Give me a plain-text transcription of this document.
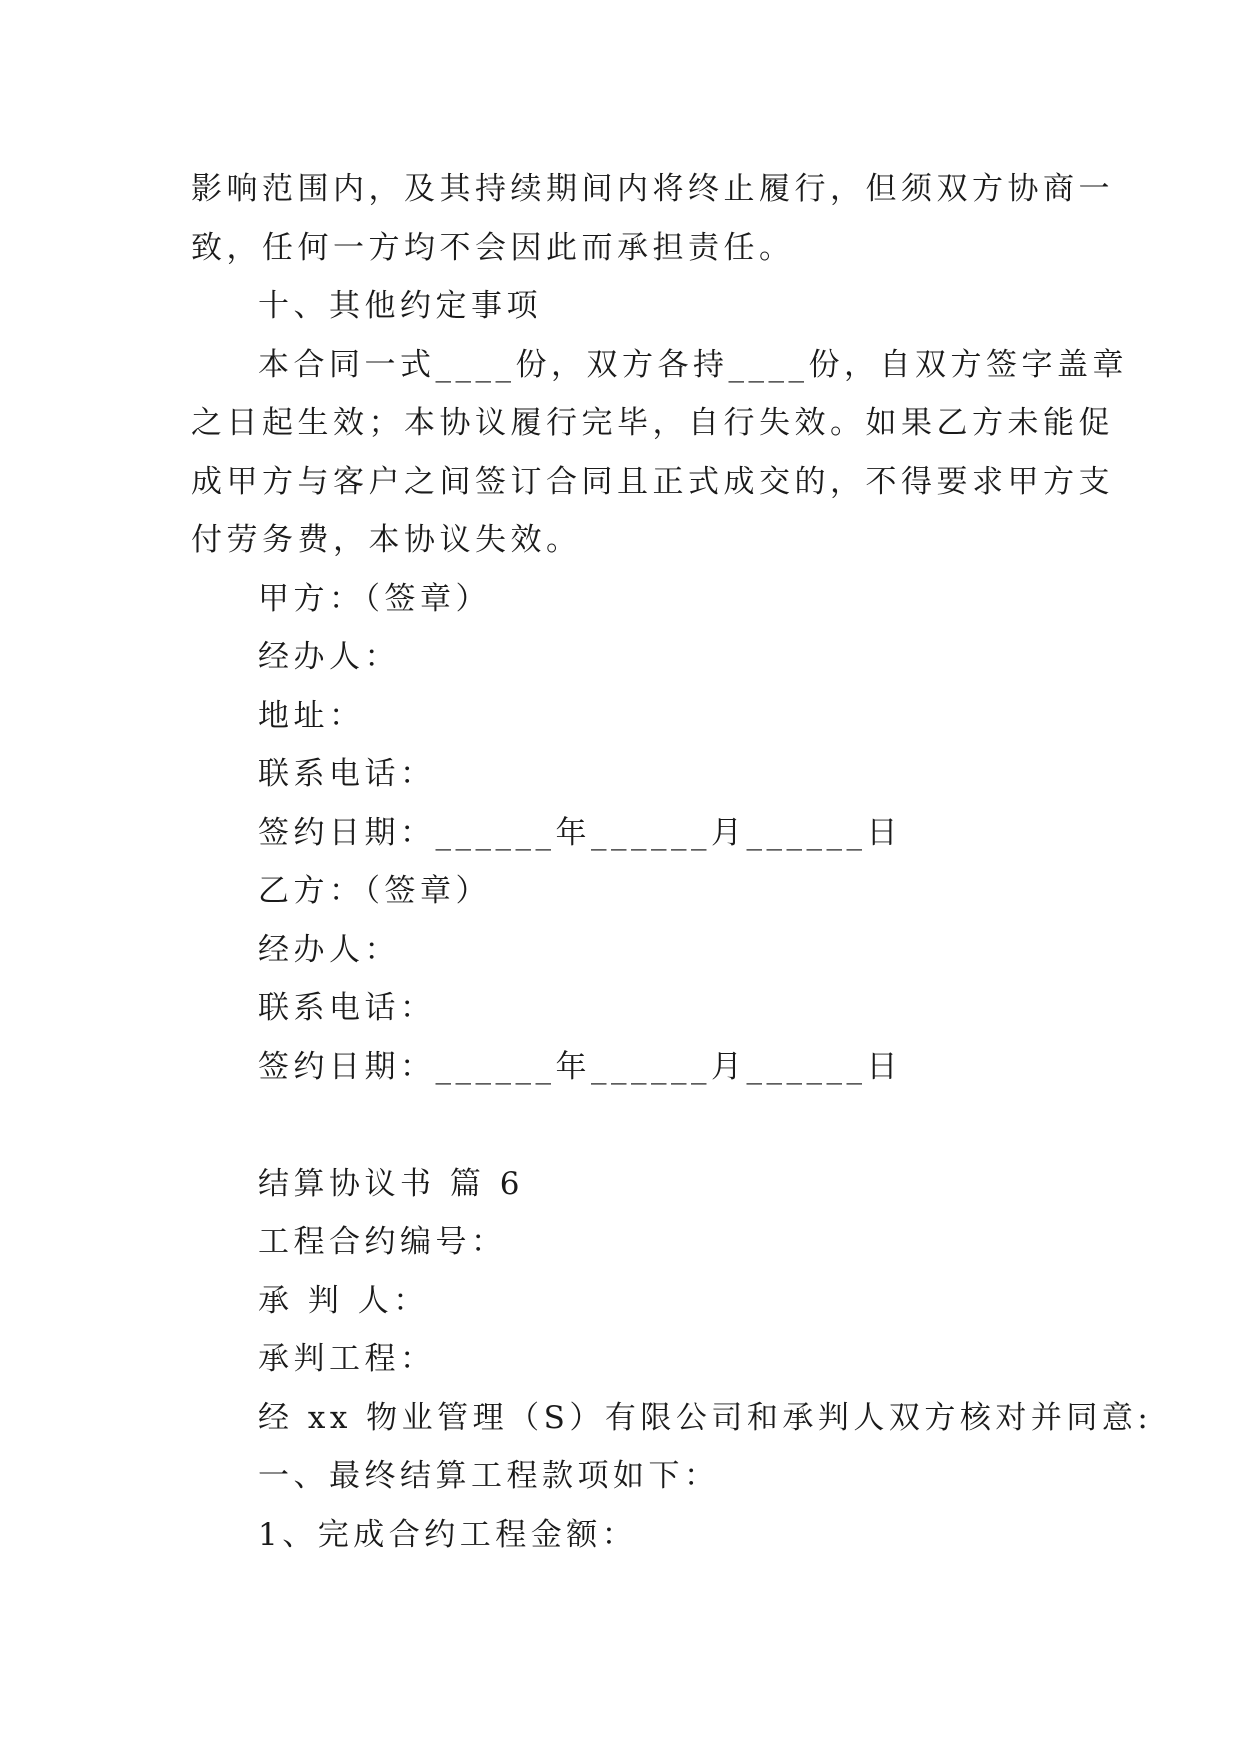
影响范围内，及其持续期间内将终止履行，但须双方协商一
致，任何一方均不会因此而承担责任。
十、其他约定事项
本合同一式____份，双方各持____份，自双方签字盖章
之日起生效；本协议履行完毕，自行失效。如果乙方未能促
成甲方与客户之间签订合同且正式成交的，不得要求甲方支
付劳务费，本协议失效。
甲方：（签章）
经办人：
地址：
联系电话：
签约日期：______年______月______日
乙方：（签章）
经办人：
联系电话：
签约日期：______年______月______日
结算协议书 篇 6
工程合约编号：
承 判 人：
承判工程：
经 xx 物业管理（S）有限公司和承判人双方核对并同意:
一、最终结算工程款项如下：
1、完成合约工程金额：
